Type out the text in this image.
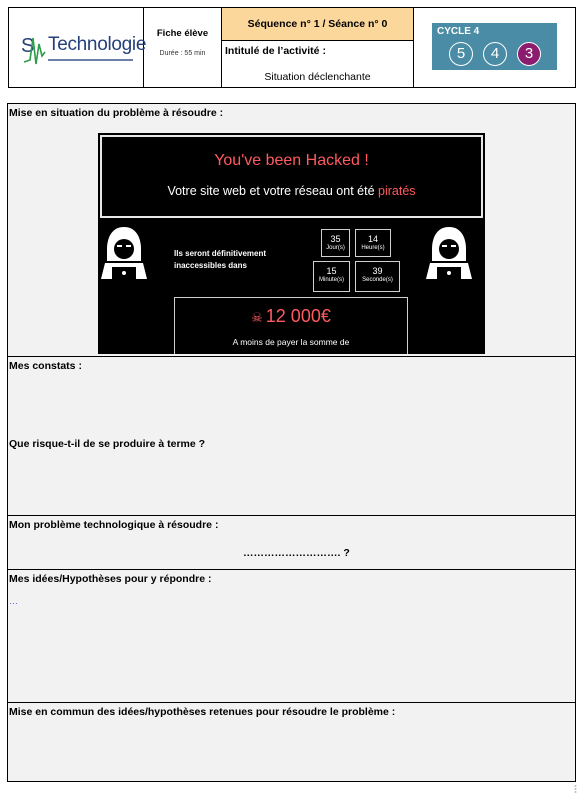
S Technologie
Fiche élève
Durée : 55 min
Séquence n° 1 / Séance n° 0
Intitulé de l’activité :
Situation déclenchante
CYCLE 4
5	4	3
Mise en situation du problème à résoudre :
You've been Hacked !
Votre site web et votre réseau ont été piratés
Ils seront définitivement inaccessibles dans
35
Jour(s)
14
Heure(s)
15
Minute(s)
39
Seconde(s)
☠ 12 000€
A moins de payer la somme de
Mes constats :
Que risque-t-il de se produire à terme ?
Mon problème technologique à résoudre :
………………………. ?
Mes idées/Hypothèses pour y répondre :
…
Mise en commun des idées/hypothèses retenues pour résoudre le problème :
